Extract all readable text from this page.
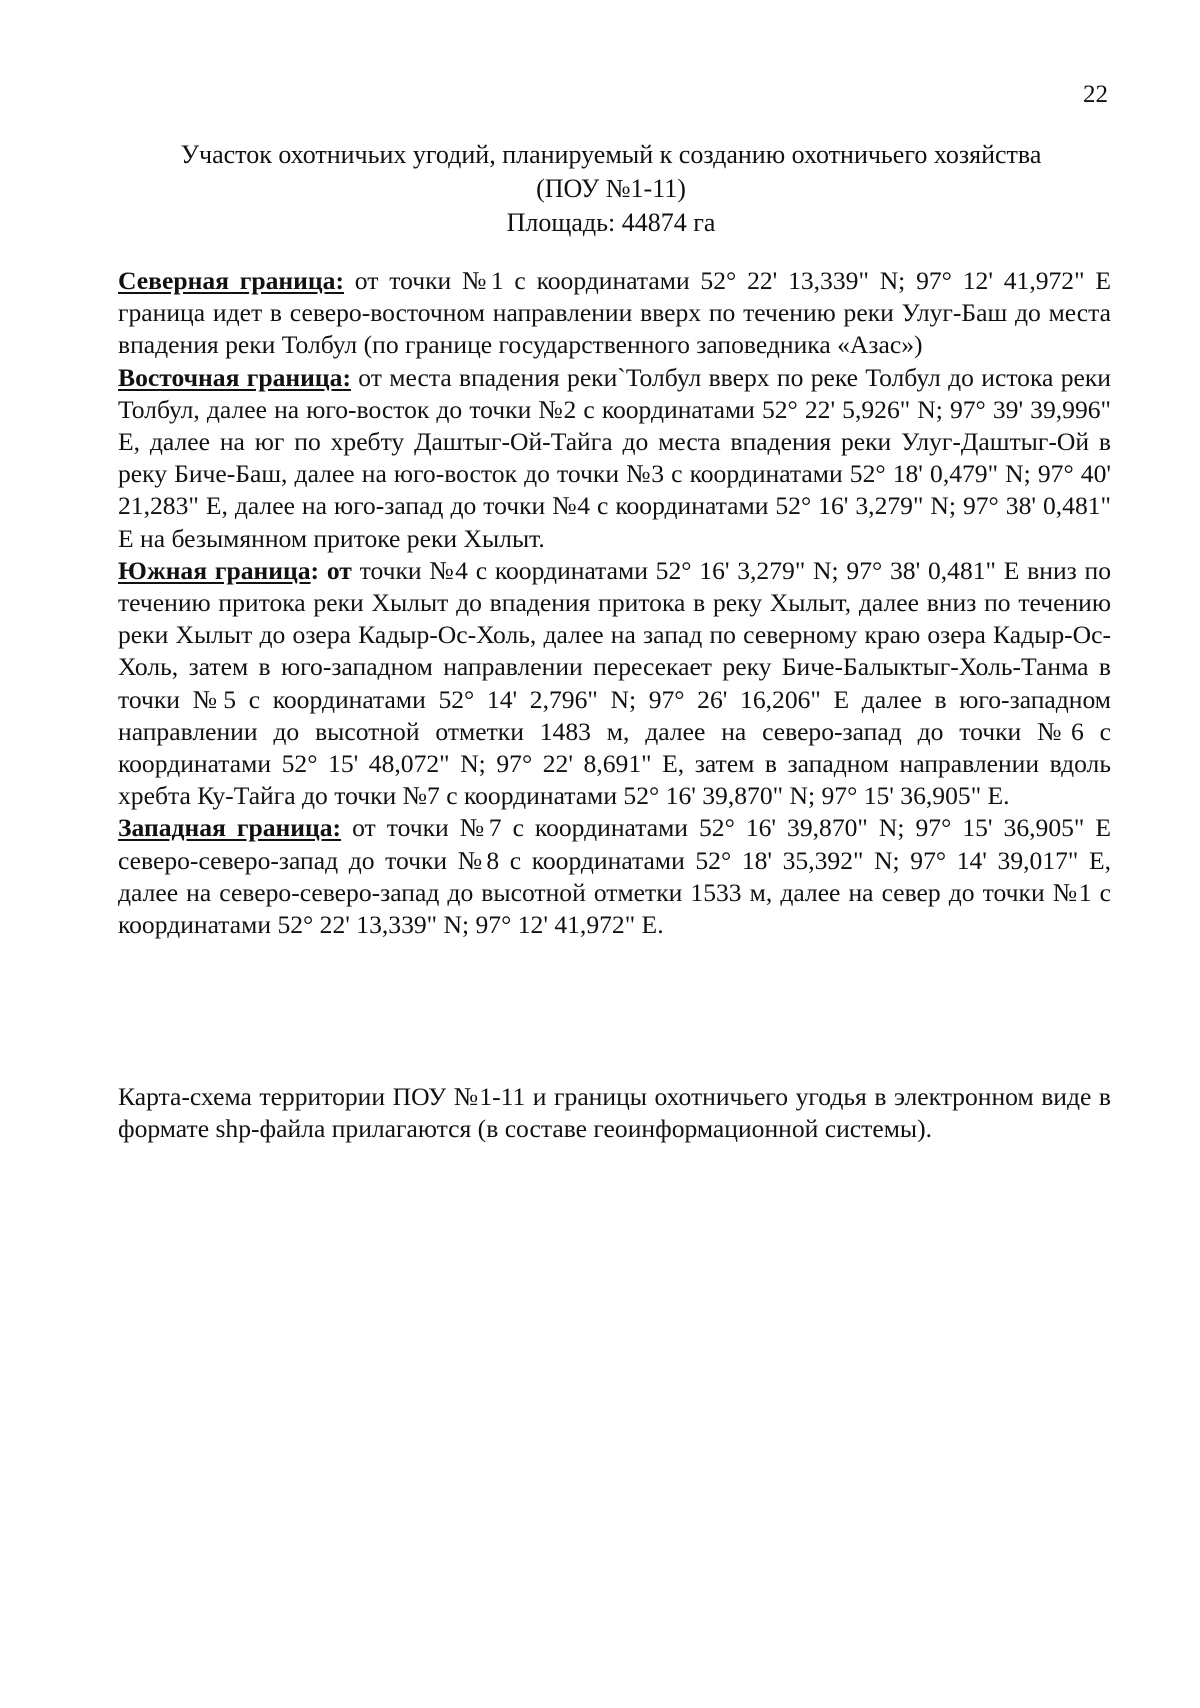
22
Участок охотничьих угодий, планируемый к созданию охотничьего хозяйства
(ПОУ №1-11)
Площадь: 44874 га

Северная граница: от точки №1 с координатами 52° 22' 13,339" N; 97° 12' 41,972" E граница идет в северо-восточном направлении вверх по течению реки Улуг-Баш до места впадения реки Толбул (по границе государственного заповедника «Азас»)

Восточная граница: от места впадения реки`Толбул вверх по реке Толбул до истока реки Толбул, далее на юго-восток до точки №2 с координатами 52° 22' 5,926" N; 97° 39' 39,996" E, далее на юг по хребту Даштыг-Ой-Тайга до места впадения реки Улуг-Даштыг-Ой в реку Биче-Баш, далее на юго-восток до точки №3 с координатами 52° 18' 0,479" N; 97° 40' 21,283" E, далее на юго-запад до точки №4 с координатами 52° 16' 3,279" N; 97° 38' 0,481" E на безымянном притоке реки Хылыт.

Южная граница: от точки №4 с координатами 52° 16' 3,279" N; 97° 38' 0,481" E вниз по течению притока реки Хылыт до впадения притока в реку Хылыт, далее вниз по течению реки Хылыт до озера Кадыр-Ос-Холь, далее на запад по северному краю озера Кадыр-Ос-Холь, затем в юго-западном направлении пересекает реку Биче-Балыктыг-Холь-Танма в точки №5 с координатами 52° 14' 2,796" N; 97° 26' 16,206" E далее в юго-западном направлении до высотной отметки 1483 м, далее на северо-запад до точки №6 с координатами 52° 15' 48,072" N; 97° 22' 8,691" E, затем в западном направлении вдоль хребта Ку-Тайга до точки №7 с координатами 52° 16' 39,870" N; 97° 15' 36,905" E.

Западная граница: от точки №7 с координатами 52° 16' 39,870" N; 97° 15' 36,905" E северо-северо-запад до точки №8 с координатами 52° 18' 35,392" N; 97° 14' 39,017" E, далее на северо-северо-запад до высотной отметки 1533 м, далее на север до точки №1 с координатами 52° 22' 13,339" N; 97° 12' 41,972" E.

Карта-схема территории ПОУ №1-11 и границы охотничьего угодья в электронном виде в формате shp-файла прилагаются (в составе геоинформационной системы).
